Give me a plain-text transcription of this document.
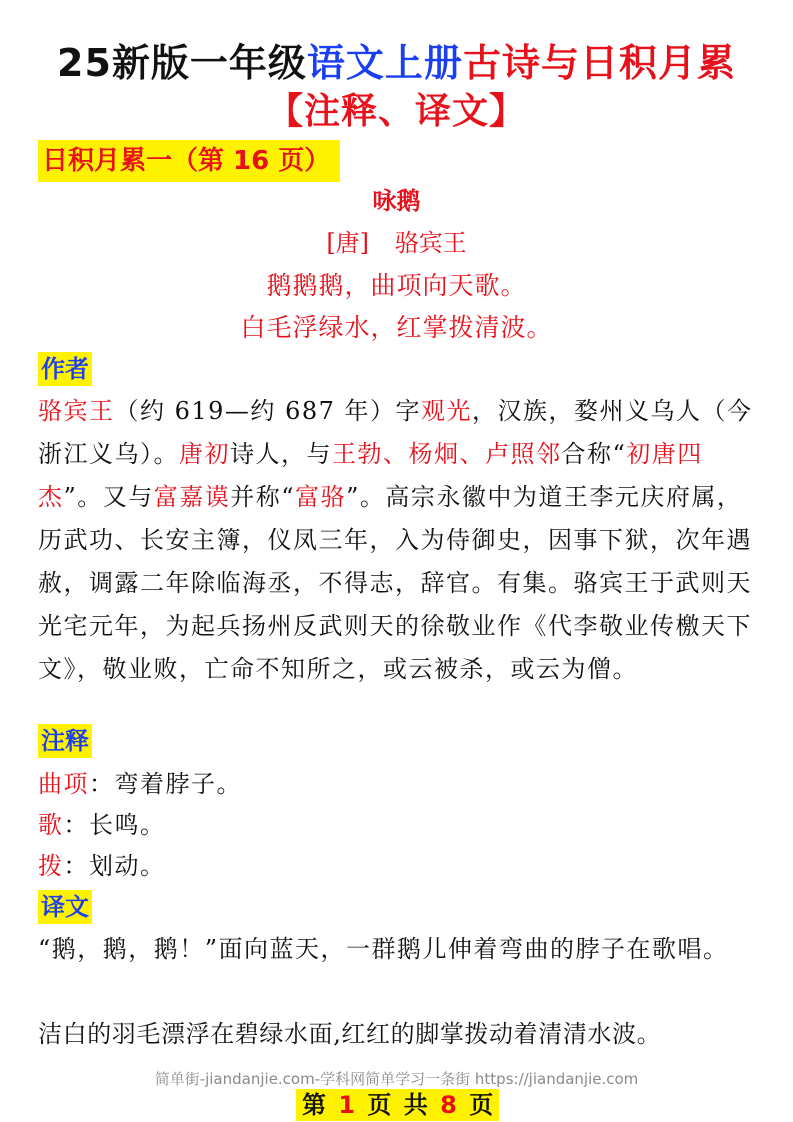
25新版一年级语文上册古诗与日积月累
【注释、译文】
日积月累一（第 16 页）
咏鹅
[唐] 骆宾王
鹅鹅鹅，曲项向天歌。
白毛浮绿水，红掌拨清波。
作者
骆宾王（约 619—约 687 年）字观光，汉族，婺州义乌人（今浙江义乌）。唐初诗人，与王勃、杨炯、卢照邻合称“初唐四杰”。又与富嘉谟并称“富骆”。高宗永徽中为道王李元庆府属，历武功、长安主簿，仪凤三年，入为侍御史，因事下狱，次年遇赦，调露二年除临海丞，不得志，辞官。有集。骆宾王于武则天光宅元年，为起兵扬州反武则天的徐敬业作《代李敬业传檄天下文》，敬业败，亡命不知所之，或云被杀，或云为僧。
注释
曲项：弯着脖子。
歌：长鸣。
拨：划动。
译文
“鹅，鹅，鹅！”面向蓝天，一群鹅儿伸着弯曲的脖子在歌唱。
洁白的羽毛漂浮在碧绿水面,红红的脚掌拨动着清清水波。
简单街-jiandanjie.com-学科网简单学习一条街 https://jiandanjie.com
第 1 页 共 8 页
